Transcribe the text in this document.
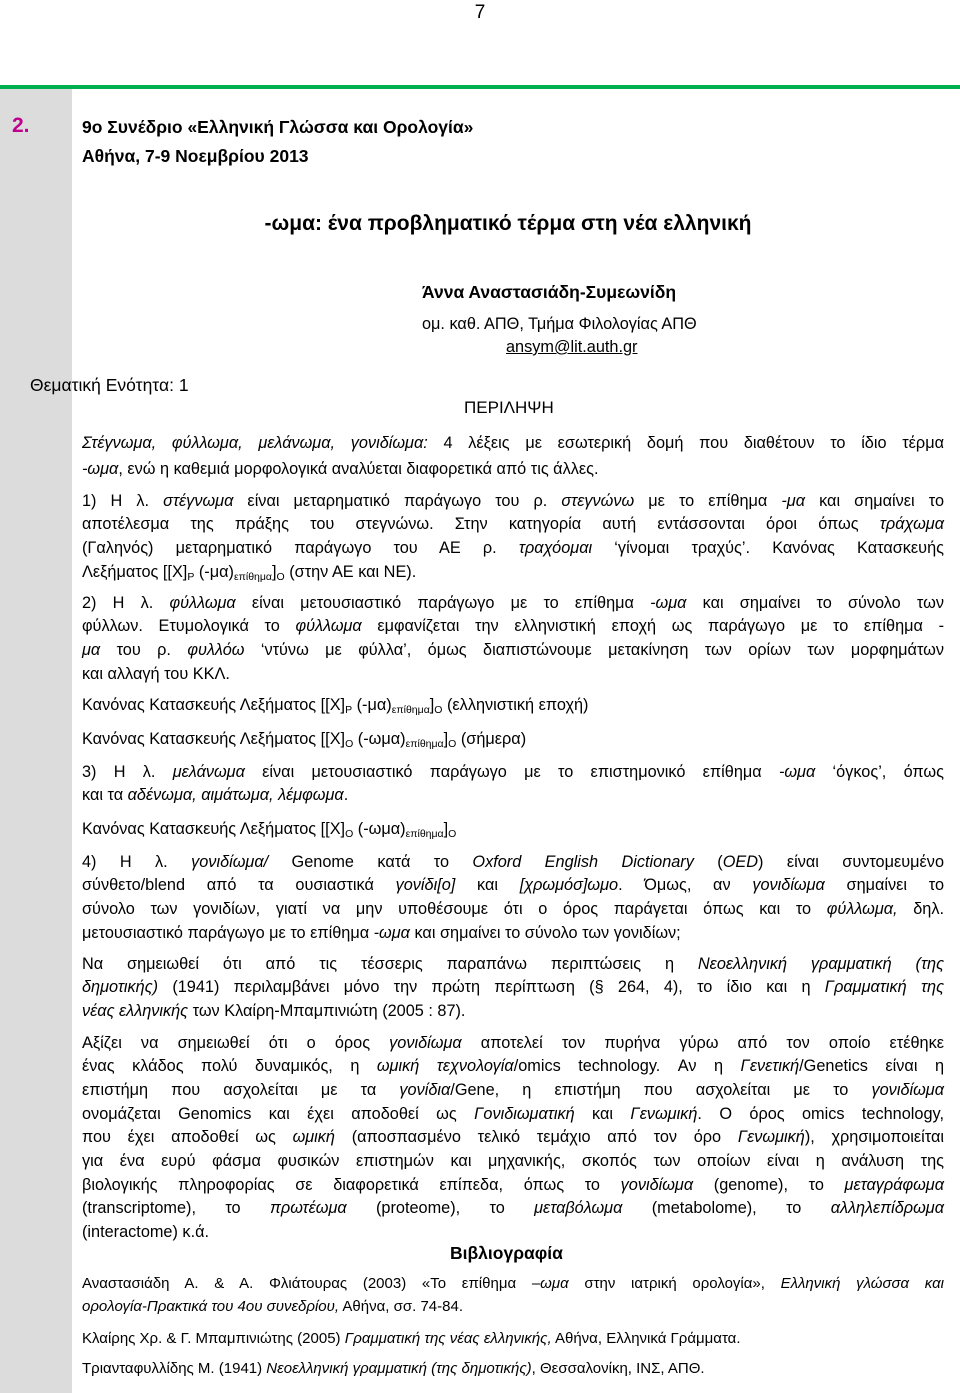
7
2.	9ο Συνέδριο «Ελληνική Γλώσσα και Ορολογία»
Αθήνα, 7-9 Νοεμβρίου 2013
-ωμα: ένα προβληματικό τέρμα στη νέα ελληνική
Άννα Αναστασιάδη-Συμεωνίδη
ομ. καθ. ΑΠΘ, Τμήμα Φιλολογίας ΑΠΘ
ansym@lit.auth.gr
Θεματική Ενότητα: 1
ΠΕΡΙΛΗΨΗ
Στέγνωμα, φύλλωμα, μελάνωμα, γονιδίωμα: 4 λέξεις με εσωτερική δομή που διαθέτουν το ίδιο τέρμα
-ωμα, ενώ η καθεμιά μορφολογικά αναλύεται διαφορετικά από τις άλλες.
1) Η λ. στέγνωμα είναι μεταρηματικό παράγωγο του ρ. στεγνώνω με το επίθημα -μα και σημαίνει το
αποτέλεσμα της πράξης του στεγνώνω. Στην κατηγορία αυτή εντάσσονται όροι όπως τράχωμα
(Γαληνός) μεταρηματικό παράγωγο του ΑΕ ρ. τραχόομαι ‘γίνομαι τραχύς’. Κανόνας Κατασκευής
Λεξήματος [$[X]_P$ $(-\mu\alpha)_{\varepsilon\pi ί\theta\eta\mu\alpha}]_O$ (στην ΑΕ και ΝΕ).
2) Η λ. φύλλωμα είναι μετουσιαστικό παράγωγο με το επίθημα -ωμα και σημαίνει το σύνολο των
φύλλων. Ετυμολογικά το φύλλωμα εμφανίζεται την ελληνιστική εποχή ως παράγωγο με το επίθημα -
μα του ρ. φυλλόω ‘ντύνω με φύλλα’, όμως διαπιστώνουμε μετακίνηση των ορίων των μορφημάτων
και αλλαγή του ΚΚΛ.
Κανόνας Κατασκευής Λεξήματος [$[X]_P$ $(-\mu\alpha)_{\varepsilon\pi ί\theta\eta\mu\alpha}]_O$ (ελληνιστική εποχή)
Κανόνας Κατασκευής Λεξήματος [$[X]_O$ $(-\omega\mu\alpha)_{\varepsilon\pi ί\theta\eta\mu\alpha}]_O$ (σήμερα)
3) Η λ. μελάνωμα είναι μετουσιαστικό παράγωγο με το επιστημονικό επίθημα -ωμα ‘όγκος’, όπως
και τα αδένωμα, αιμάτωμα, λέμφωμα.
Κανόνας Κατασκευής Λεξήματος [$[X]_O$ $(-\omega\mu\alpha)_{\varepsilon\pi ί\theta\eta\mu\alpha}]_O$
4) Η λ. γονιδίωμα/ Genome κατά το Oxford English Dictionary (OED) είναι συντομευμένο
σύνθετο/blend από τα ουσιαστικά γονίδι[ο] και [χρωμόσ]ωμο. Όμως, αν γονιδίωμα σημαίνει το
σύνολο των γονιδίων, γιατί να μην υποθέσουμε ότι ο όρος παράγεται όπως και το φύλλωμα, δηλ.
μετουσιαστικό παράγωγο με το επίθημα -ωμα και σημαίνει το σύνολο των γονιδίων;
Να σημειωθεί ότι από τις τέσσερις παραπάνω περιπτώσεις η Νεοελληνική γραμματική (της
δημοτικής) (1941) περιλαμβάνει μόνο την πρώτη περίπτωση (§ 264, 4), το ίδιο και η Γραμματική της
νέας ελληνικής των Κλαίρη-Μπαμπινιώτη (2005 : 87).
Αξίζει να σημειωθεί ότι ο όρος γονιδίωμα αποτελεί τον πυρήνα γύρω από τον οποίο ετέθηκε
ένας κλάδος πολύ δυναμικός, η ωμική τεχνολογία/omics technology. Αν η Γενετική/Genetics είναι η
επιστήμη που ασχολείται με τα γονίδια/Gene, η επιστήμη που ασχολείται με το γονιδίωμα
ονομάζεται Genomics και έχει αποδοθεί ως Γονιδιωματική και Γενωμική. Ο όρος omics technology,
που έχει αποδοθεί ως ωμική (αποσπασμένο τελικό τεμάχιο από τον όρο Γενωμική), χρησιμοποιείται
για ένα ευρύ φάσμα φυσικών επιστημών και μηχανικής, σκοπός των οποίων είναι η ανάλυση της
βιολογικής πληροφορίας σε διαφορετικά επίπεδα, όπως το γονιδίωμα (genome), το μεταγράφωμα
(transcriptome), το πρωτέωμα (proteome), το μεταβόλωμα (metabolome), το αλληλεπίδρωμα
(interactome) κ.ά.
Βιβλιογραφία
Αναστασιάδη Α. & Α. Φλιάτουρας (2003) «Το επίθημα –ωμα στην ιατρική ορολογία», Ελληνική γλώσσα και
ορολογία-Πρακτικά του 4ου συνεδρίου, Αθήνα, σσ. 74-84.
Κλαίρης Χρ. & Γ. Μπαμπινιώτης (2005) Γραμματική της νέας ελληνικής, Αθήνα, Ελληνικά Γράμματα.
Τριανταφυλλίδης Μ. (1941) Νεοελληνική γραμματική (της δημοτικής), Θεσσαλονίκη, ΙΝΣ, ΑΠΘ.
